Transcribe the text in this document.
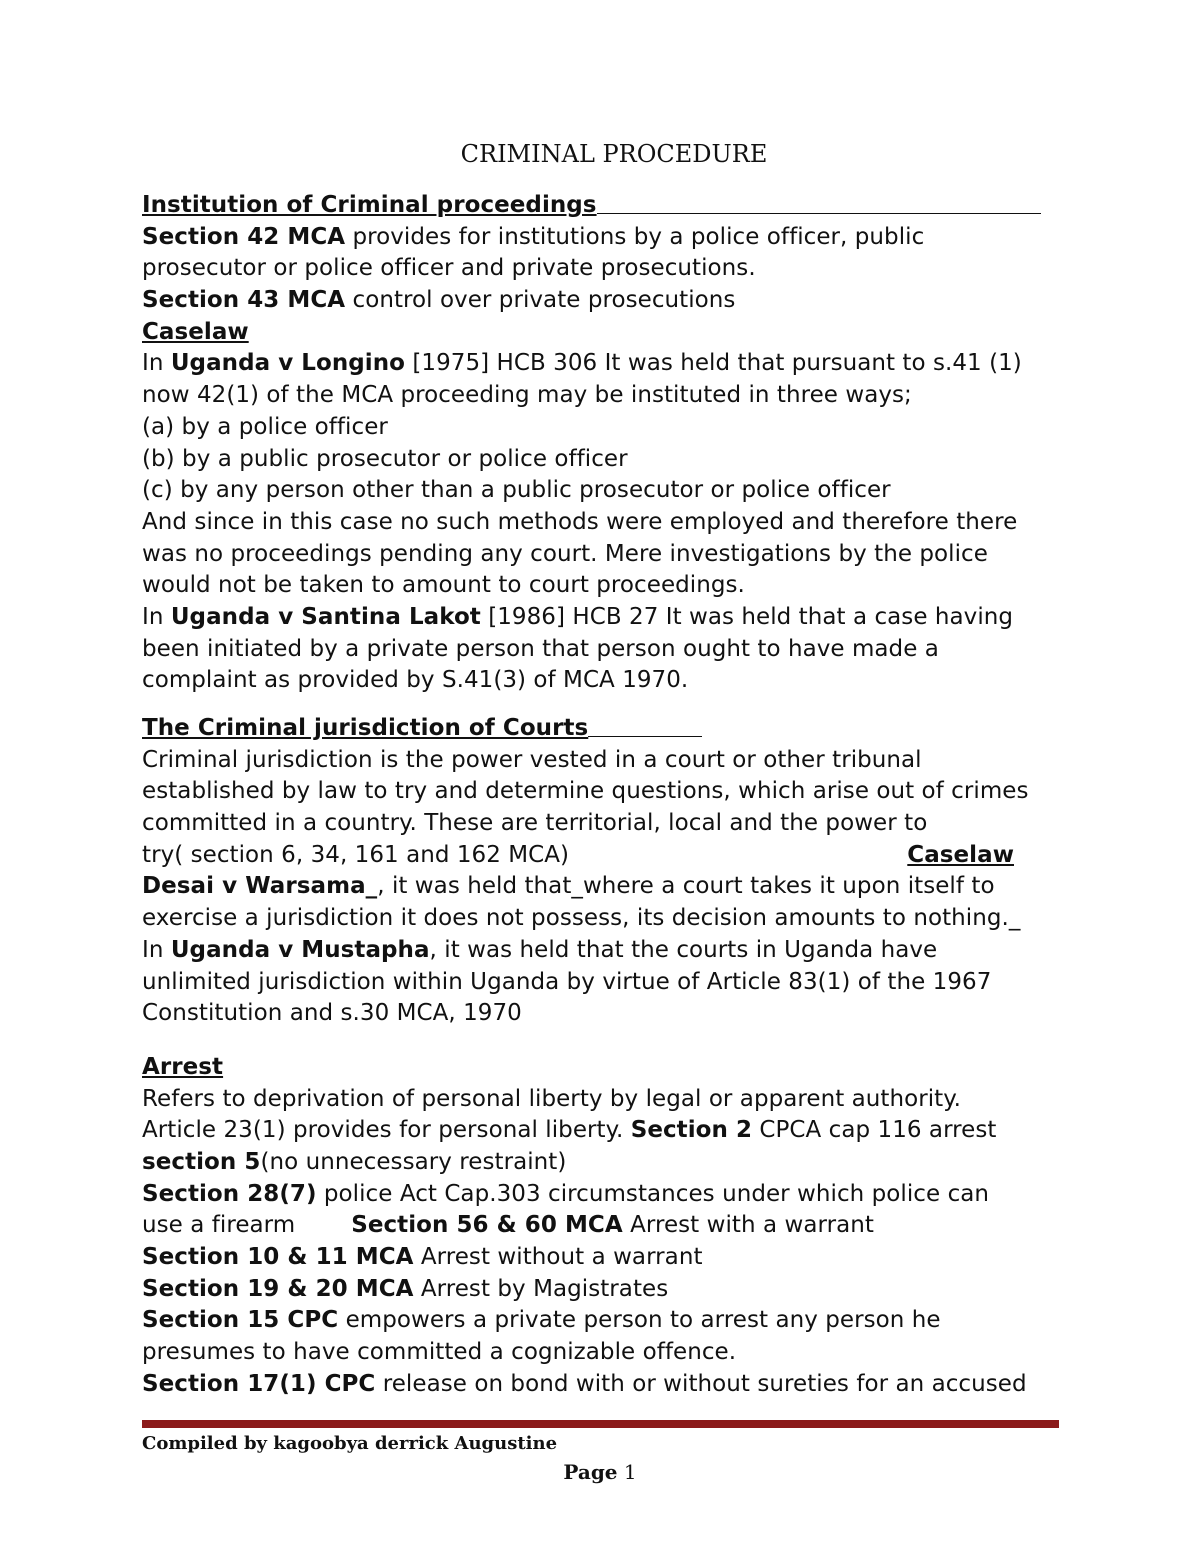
CRIMINAL PROCEDURE
Institution of Criminal proceedings
Section 42 MCA provides for institutions by a police officer, public
prosecutor or police officer and private prosecutions.
Section 43 MCA control over private prosecutions
Caselaw
In Uganda v Longino [1975] HCB 306 It was held that pursuant to s.41 (1)
now 42(1) of the MCA proceeding may be instituted in three ways;
(a) by a police officer
(b) by a public prosecutor or police officer
(c) by any person other than a public prosecutor or police officer
And since in this case no such methods were employed and therefore there
was no proceedings pending any court. Mere investigations by the police
would not be taken to amount to court proceedings.
In Uganda v Santina Lakot [1986] HCB 27 It was held that a case having
been initiated by a private person that person ought to have made a
complaint as provided by S.41(3) of MCA 1970.
The Criminal jurisdiction of Courts
Criminal jurisdiction is the power vested in a court or other tribunal
established by law to try and determine questions, which arise out of crimes
committed in a country. These are territorial, local and the power to
try( section 6, 34, 161 and 162 MCA)	Caselaw
Desai v Warsama_, it was held that_where a court takes it upon itself to
exercise a jurisdiction it does not possess, its decision amounts to nothing._
In Uganda v Mustapha, it was held that the courts in Uganda have
unlimited jurisdiction within Uganda by virtue of Article 83(1) of the 1967
Constitution and s.30 MCA, 1970
Arrest
Refers to deprivation of personal liberty by legal or apparent authority.
Article 23(1) provides for personal liberty. Section 2 CPCA cap 116 arrest
section 5(no unnecessary restraint)
Section 28(7) police Act Cap.303 circumstances under which police can
use a firearm Section 56 & 60 MCA Arrest with a warrant
Section 10 & 11 MCA Arrest without a warrant
Section 19 & 20 MCA Arrest by Magistrates
Section 15 CPC empowers a private person to arrest any person he
presumes to have committed a cognizable offence.
Section 17(1) CPC release on bond with or without sureties for an accused
Compiled by kagoobya derrick Augustine
Page 1
